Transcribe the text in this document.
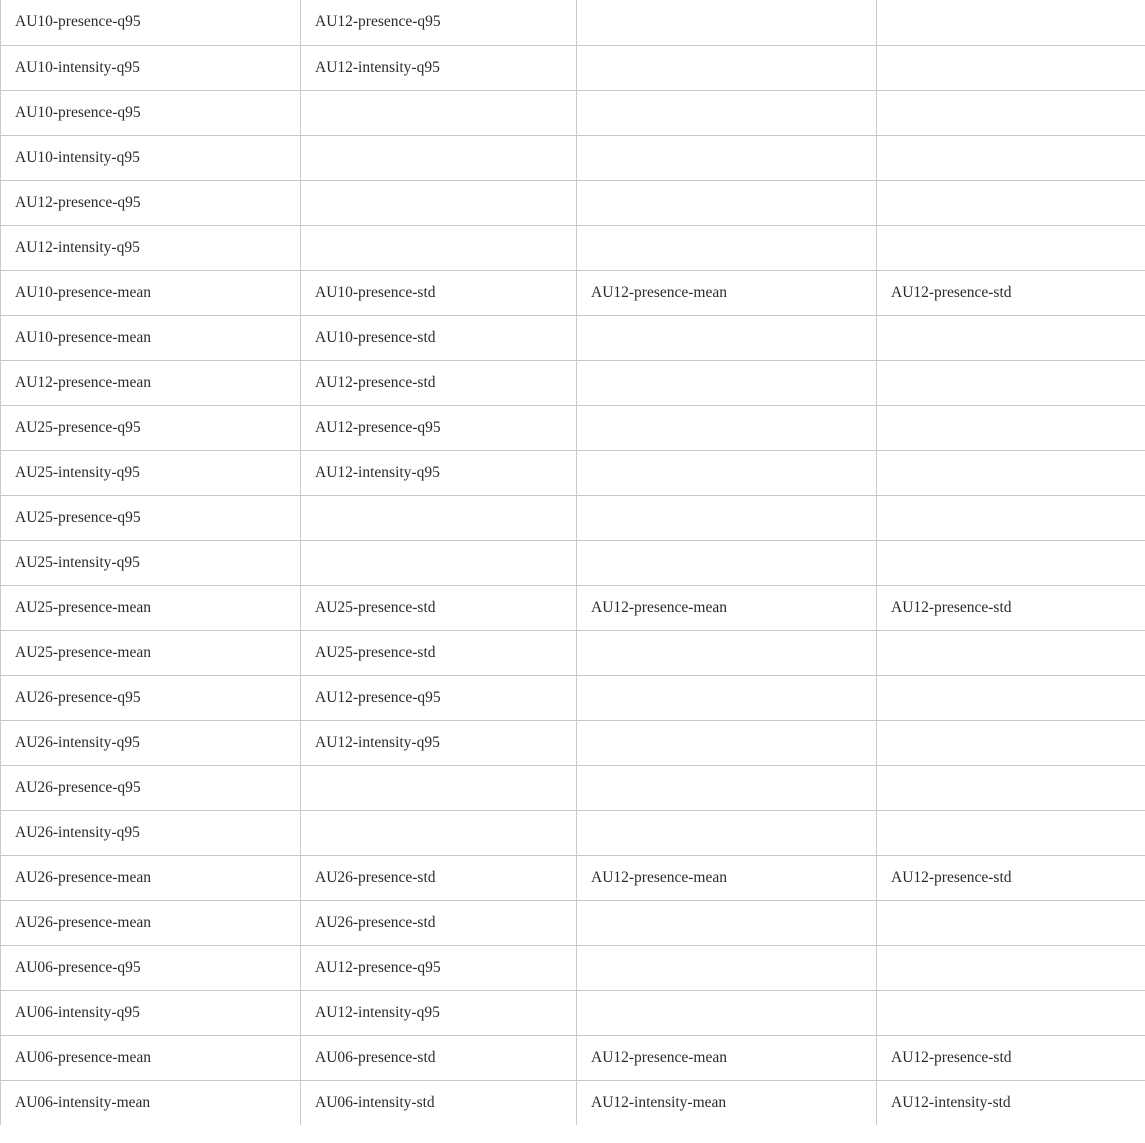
AU10-presence-q95	AU12-presence-q95		
AU10-intensity-q95	AU12-intensity-q95		
AU10-presence-q95			
AU10-intensity-q95			
AU12-presence-q95			
AU12-intensity-q95			
AU10-presence-mean	AU10-presence-std	AU12-presence-mean	AU12-presence-std
AU10-presence-mean	AU10-presence-std		
AU12-presence-mean	AU12-presence-std		
AU25-presence-q95	AU12-presence-q95		
AU25-intensity-q95	AU12-intensity-q95		
AU25-presence-q95			
AU25-intensity-q95			
AU25-presence-mean	AU25-presence-std	AU12-presence-mean	AU12-presence-std
AU25-presence-mean	AU25-presence-std		
AU26-presence-q95	AU12-presence-q95		
AU26-intensity-q95	AU12-intensity-q95		
AU26-presence-q95			
AU26-intensity-q95			
AU26-presence-mean	AU26-presence-std	AU12-presence-mean	AU12-presence-std
AU26-presence-mean	AU26-presence-std		
AU06-presence-q95	AU12-presence-q95		
AU06-intensity-q95	AU12-intensity-q95		
AU06-presence-mean	AU06-presence-std	AU12-presence-mean	AU12-presence-std
AU06-intensity-mean	AU06-intensity-std	AU12-intensity-mean	AU12-intensity-std
